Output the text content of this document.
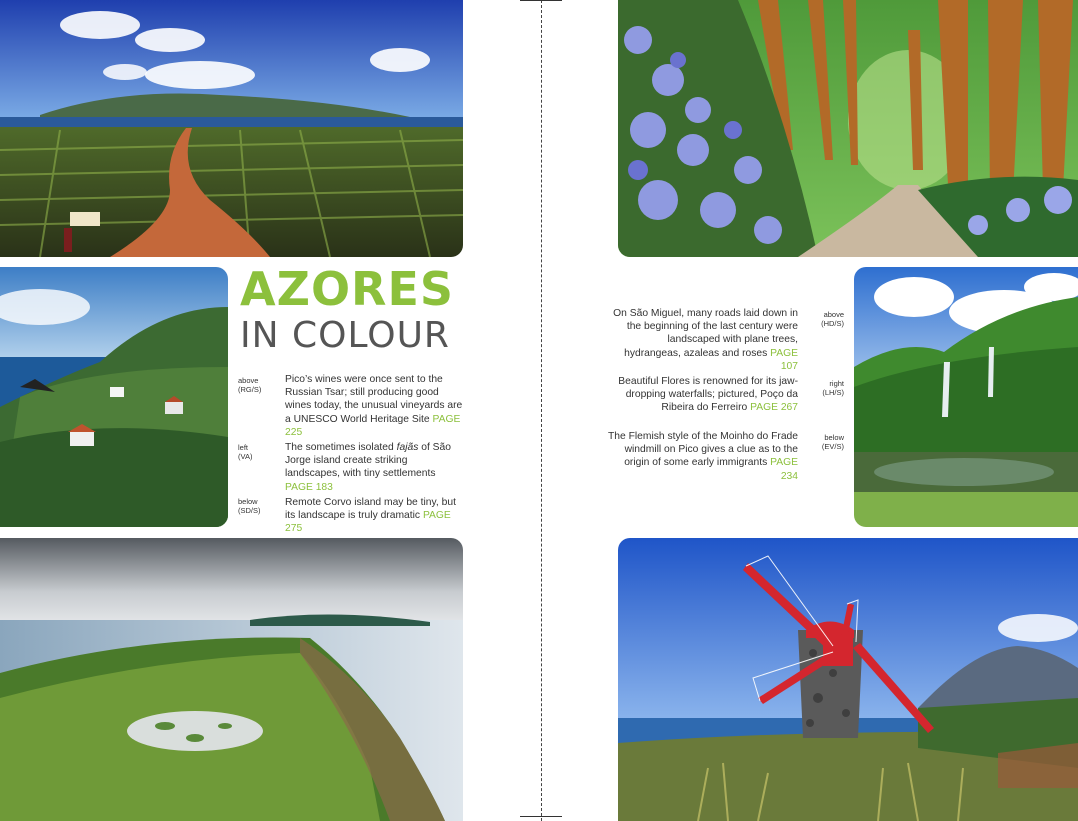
AZORES
IN COLOUR
above
(RG/S)
Pico’s wines were once sent to the Russian Tsar; still producing good wines today, the unusual vineyards are a UNESCO World Heritage Site PAGE 225
left
(VA)
The sometimes isolated fajãs of São Jorge island create striking landscapes, with tiny settlements PAGE 183
below
(SD/S)
Remote Corvo island may be tiny, but its landscape is truly dramatic PAGE 275
On São Miguel, many roads laid down in the beginning of the last century were landscaped with plane trees, hydrangeas, azaleas and roses PAGE 107
above
(HD/S)
Beautiful Flores is renowned for its jaw-dropping waterfalls; pictured, Poço da Ribeira do Ferreiro PAGE 267
right
(LH/S)
The Flemish style of the Moinho do Frade windmill on Pico gives a clue as to the origin of some early immigrants PAGE 234
below
(EV/S)
